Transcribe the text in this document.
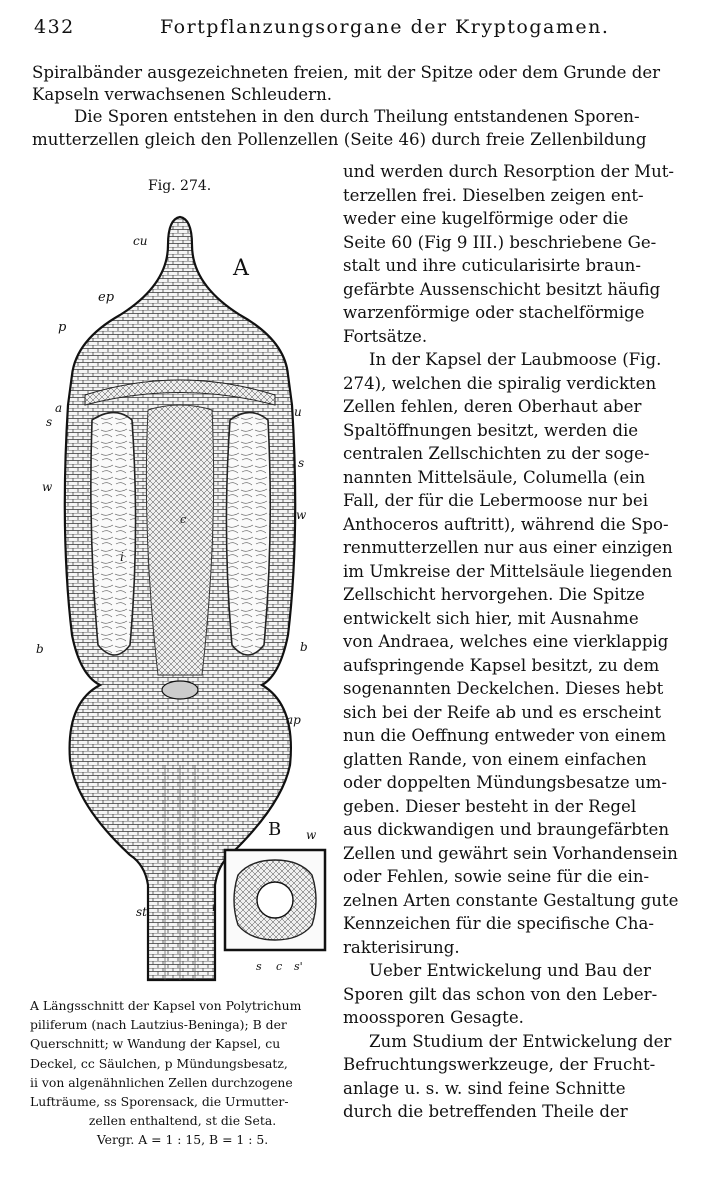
432	Fortpflanzungsorgane der Kryptogamen.
Spiralbänder ausgezeichneten freien, mit der Spitze oder dem Grunde der
Kapseln verwachsenen Schleudern.
Die Sporen entstehen in den durch Theilung entstandenen Sporen-
mutterzellen gleich den Pollenzellen (Seite 46) durch freie Zellenbildung
Fig. 274.
cu
A
ep
p
a	u
s
s
w
w
i
c
b	b
ap
st
B w
i
s c s'
und werden durch Resorption der Mut-
terzellen frei. Dieselben zeigen ent-
weder eine kugelförmige oder die
Seite 60 (Fig 9 III.) beschriebene Ge-
stalt und ihre cuticularisirte braun-
gefärbte Aussenschicht besitzt häufig
warzenförmige oder stachelförmige
Fortsätze.
In der Kapsel der Laubmoose (Fig.
274), welchen die spiralig verdickten
Zellen fehlen, deren Oberhaut aber
Spaltöffnungen besitzt, werden die
centralen Zellschichten zu der soge-
nannten Mittelsäule, Columella (ein
Fall, der für die Lebermoose nur bei
Anthoceros auftritt), während die Spo-
renmutterzellen nur aus einer einzigen
im Umkreise der Mittelsäule liegenden
Zellschicht hervorgehen. Die Spitze
entwickelt sich hier, mit Ausnahme
von Andraea, welches eine vierklappig
aufspringende Kapsel besitzt, zu dem
sogenannten Deckelchen. Dieses hebt
sich bei der Reife ab und es erscheint
nun die Oeffnung entweder von einem
glatten Rande, von einem einfachen
oder doppelten Mündungsbesatze um-
geben. Dieser besteht in der Regel
aus dickwandigen und braungefärbten
Zellen und gewährt sein Vorhandensein
oder Fehlen, sowie seine für die ein-
zelnen Arten constante Gestaltung gute
Kennzeichen für die specifische Cha-
rakterisirung.
Ueber Entwickelung und Bau der
Sporen gilt das schon von den Leber-
moossporen Gesagte.
Zum Studium der Entwickelung der
Befruchtungswerkzeuge, der Frucht-
anlage u. s. w. sind feine Schnitte
durch die betreffenden Theile der
A Längsschnitt der Kapsel von Polytrichum
piliferum (nach Lautzius-Beninga); B der
Querschnitt; w Wandung der Kapsel, cu
Deckel, cc Säulchen, p Mündungsbesatz,
ii von algenähnlichen Zellen durchzogene
Lufträume, ss Sporensack, die Urmutter-
zellen enthaltend, st die Seta.
Vergr. A = 1 : 15, B = 1 : 5.
